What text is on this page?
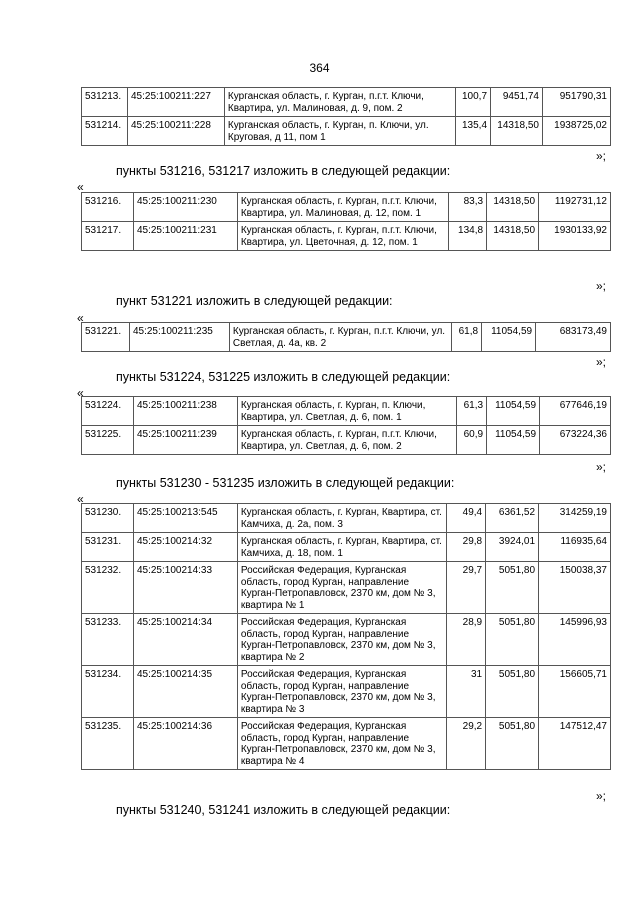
364
531213.	45:25:100211:227	Курганская область, г. Курган, п.г.т. Ключи, Квартира, ул. Малиновая, д. 9, пом. 2	100,7	9451,74	951790,31
531214.	45:25:100211:228	Курганская область, г. Курган, п. Ключи, ул. Круговая, д 11, пом 1	135,4	14318,50	1938725,02
»;
пункты 531216, 531217 изложить в следующей редакции:
«
531216.	45:25:100211:230	Курганская область, г. Курган, п.г.т. Ключи, Квартира, ул. Малиновая, д. 12, пом. 1	83,3	14318,50	1192731,12
531217.	45:25:100211:231	Курганская область, г. Курган, п.г.т. Ключи, Квартира, ул. Цветочная, д. 12, пом. 1	134,8	14318,50	1930133,92
»;
пункт 531221 изложить в следующей редакции:
«
531221.	45:25:100211:235	Курганская область, г. Курган, п.г.т. Ключи, ул. Светлая, д. 4а, кв. 2	61,8	11054,59	683173,49
»;
пункты 531224, 531225 изложить в следующей редакции:
«
531224.	45:25:100211:238	Курганская область, г. Курган, п. Ключи, Квартира, ул. Светлая, д. 6, пом. 1	61,3	11054,59	677646,19
531225.	45:25:100211:239	Курганская область, г. Курган, п.г.т. Ключи, Квартира, ул. Светлая, д. 6, пом. 2	60,9	11054,59	673224,36
»;
пункты 531230 - 531235 изложить в следующей редакции:
«
531230.	45:25:100213:545	Курганская область, г. Курган, Квартира, ст. Камчиха, д. 2а, пом. 3	49,4	6361,52	314259,19
531231.	45:25:100214:32	Курганская область, г. Курган, Квартира, ст. Камчиха, д. 18, пом. 1	29,8	3924,01	116935,64
531232.	45:25:100214:33	Российская Федерация, Курганская область, город Курган, направление Курган-Петропавловск, 2370 км, дом № 3, квартира № 1	29,7	5051,80	150038,37
531233.	45:25:100214:34	Российская Федерация, Курганская область, город Курган, направление Курган-Петропавловск, 2370 км, дом № 3, квартира № 2	28,9	5051,80	145996,93
531234.	45:25:100214:35	Российская Федерация, Курганская область, город Курган, направление Курган-Петропавловск, 2370 км, дом № 3, квартира № 3	31	5051,80	156605,71
531235.	45:25:100214:36	Российская Федерация, Курганская область, город Курган, направление Курган-Петропавловск, 2370 км, дом № 3, квартира № 4	29,2	5051,80	147512,47
»;
пункты 531240, 531241 изложить в следующей редакции:
